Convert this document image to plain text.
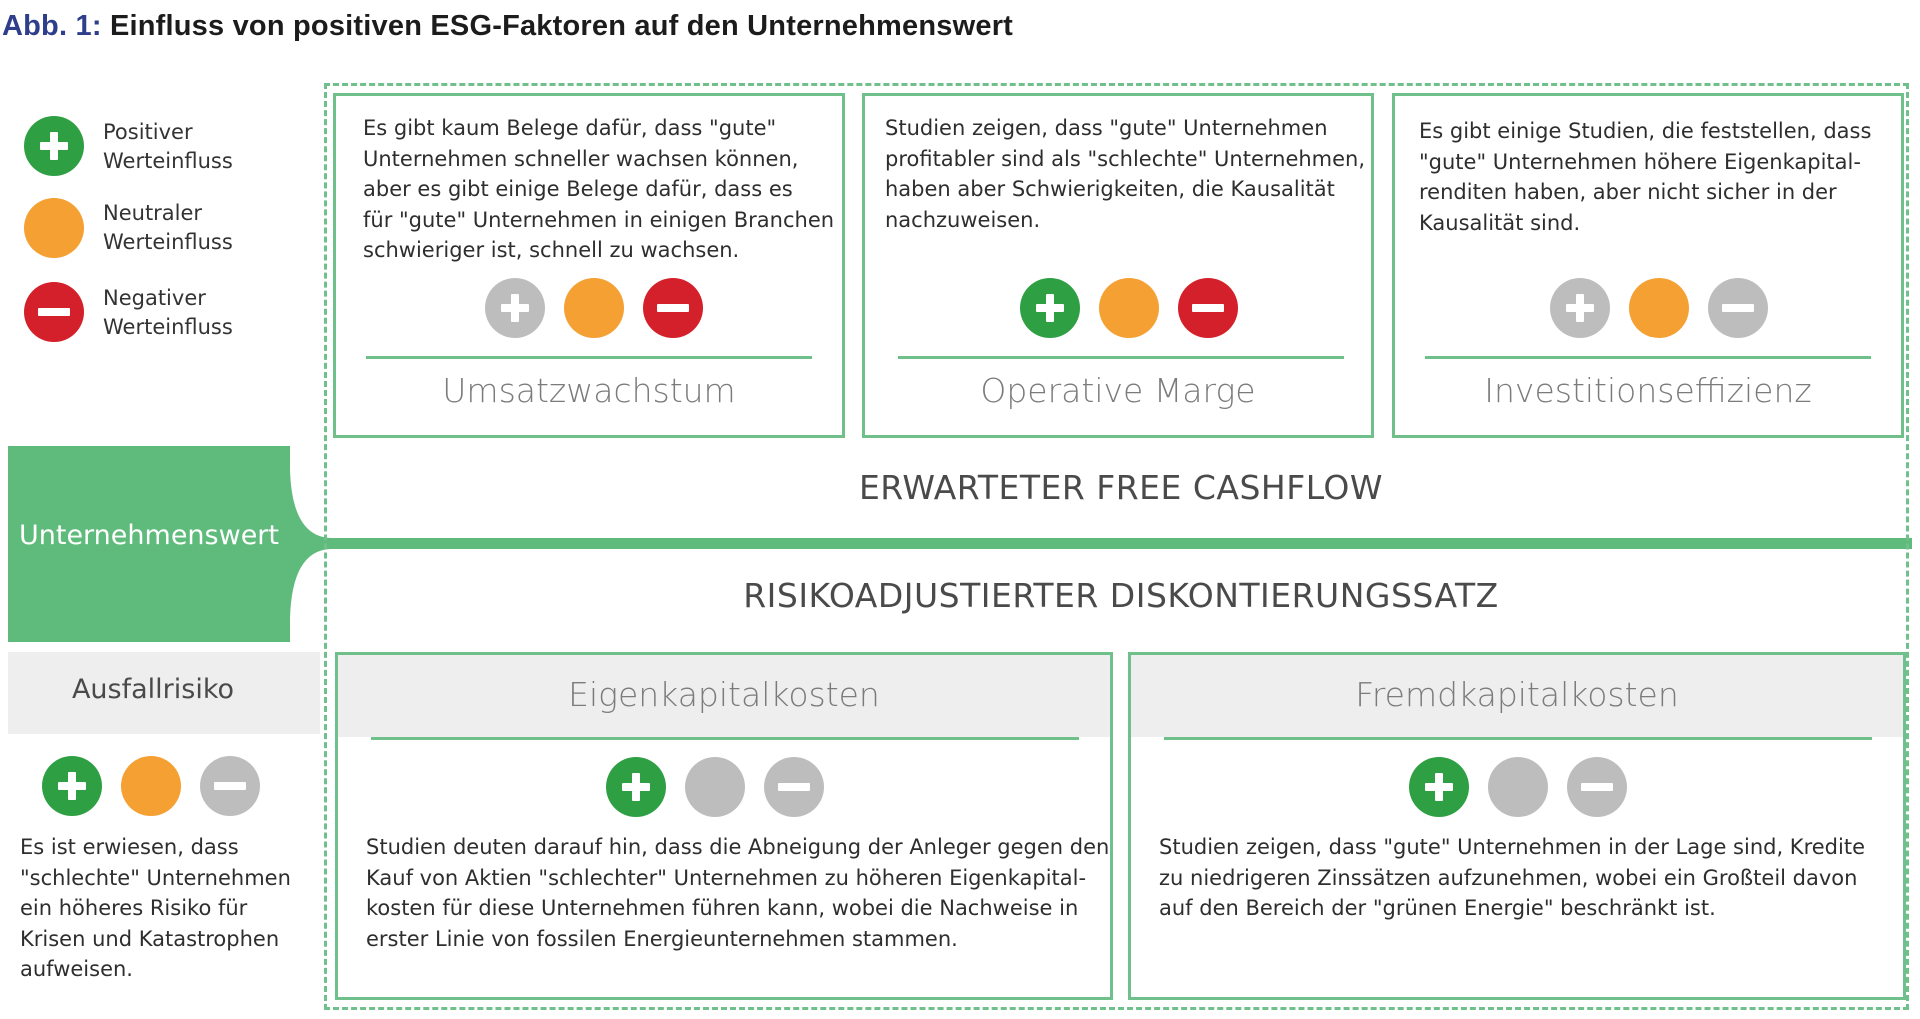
Abb. 1: Einfluss von positiven ESG-Faktoren auf den Unternehmenswert
Positiver
Werteinfluss
Neutraler
Werteinfluss
Negativer
Werteinfluss
Unternehmenswert
Es gibt kaum Belege dafür, dass "gute"
Unternehmen schneller wachsen können,
aber es gibt einige Belege dafür, dass es
für "gute" Unternehmen in einigen Branchen
schwieriger ist, schnell zu wachsen.
Umsatzwachstum
Studien zeigen, dass "gute" Unternehmen
profitabler sind als "schlechte" Unternehmen,
haben aber Schwierigkeiten, die Kausalität
nachzuweisen.
Operative Marge
Es gibt einige Studien, die feststellen, dass
"gute" Unternehmen höhere Eigenkapital-
renditen haben, aber nicht sicher in der
Kausalität sind.
Investitionseffizienz
ERWARTETER FREE CASHFLOW
RISIKOADJUSTIERTER DISKONTIERUNGSSATZ
Ausfallrisiko
Es ist erwiesen, dass
"schlechte" Unternehmen
ein höheres Risiko für
Krisen und Katastrophen
aufweisen.
Eigenkapitalkosten
Studien deuten darauf hin, dass die Abneigung der Anleger gegen den
Kauf von Aktien "schlechter" Unternehmen zu höheren Eigenkapital-
kosten für diese Unternehmen führen kann, wobei die Nachweise in
erster Linie von fossilen Energieunternehmen stammen.
Fremdkapitalkosten
Studien zeigen, dass "gute" Unternehmen in der Lage sind, Kredite
zu niedrigeren Zinssätzen aufzunehmen, wobei ein Großteil davon
auf den Bereich der "grünen Energie" beschränkt ist.
